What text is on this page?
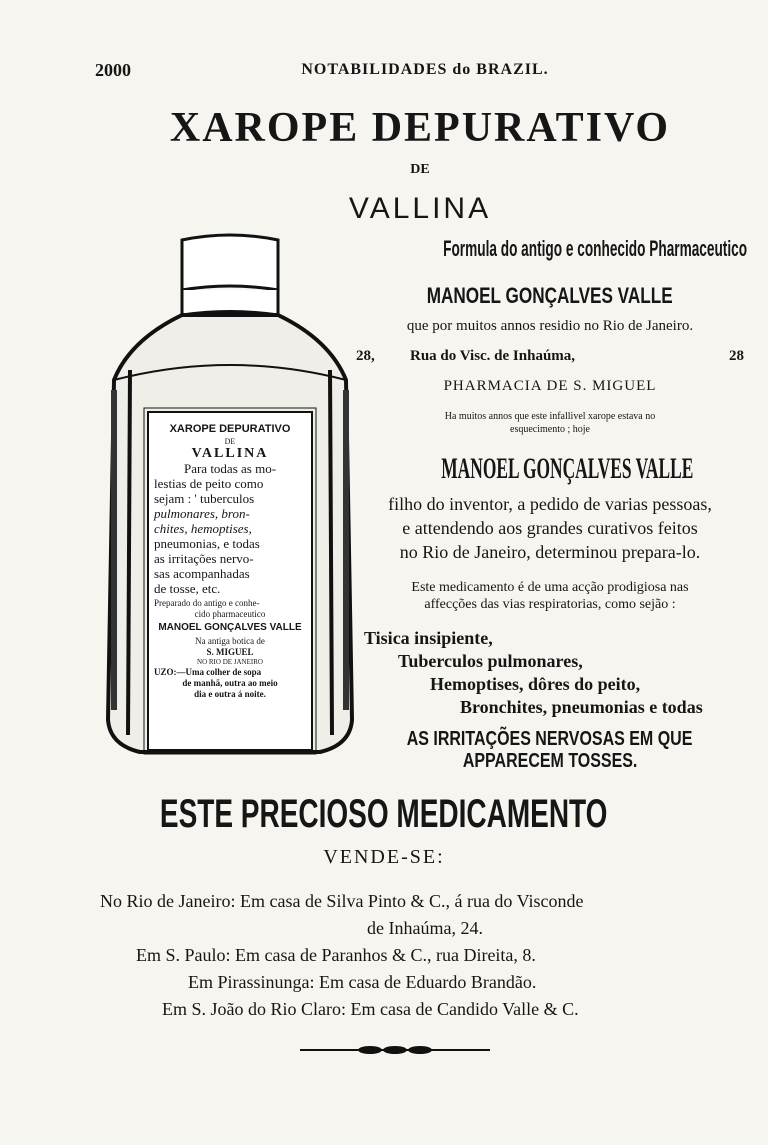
2000	NOTABILIDADES do BRAZIL.
XAROPE DEPURATIVO
DE
VALLINA
Formula do antigo e conhecido Pharmaceutico
MANOEL GONÇALVES VALLE
que por muitos annos residio no Rio de Janeiro.
28, Rua do Visc. de Inhaúma,	28
PHARMACIA DE S. MIGUEL
Ha muitos annos que este infallivel xarope estava no
esquecimento ; hoje
MANOEL GONÇALVES VALLE
filho do inventor, a pedido de varias pessoas,
e attendendo aos grandes curativos feitos
no Rio de Janeiro, determinou prepara-lo.
Este medicamento é de uma acção prodigiosa nas
affecções das vias respiratorias, como sejão :
Tisica insipiente,
Tuberculos pulmonares,
Hemoptises, dôres do peito,
Bronchites, pneumonias e todas
AS IRRITAÇÕES NERVOSAS EM QUE
APPARECEM TOSSES.
XAROPE DEPURATIVO
DE
VALLINA
Para todas as mo-
lestias de peito como
sejam : ' tuberculos
pulmonares, bron-
chites, hemoptises,
pneumonias, e todas
as irritações nervo-
sas acompanhadas
de tosse, etc.
Preparado do antigo e conhe-
cido pharmaceutico
MANOEL GONÇALVES VALLE
Na antiga botica de
S. MIGUEL
NO RIO DE JANEIRO
UZO:—Uma colher de sopa
de manhã, outra ao meio
dia e outra á noite.
ESTE PRECIOSO MEDICAMENTO
VENDE-SE:
No Rio de Janeiro: Em casa de Silva Pinto & C., á rua do Visconde
de Inhaúma, 24.
Em S. Paulo: Em casa de Paranhos & C., rua Direita, 8.
Em Pirassinunga: Em casa de Eduardo Brandão.
Em S. João do Rio Claro: Em casa de Candido Valle & C.
